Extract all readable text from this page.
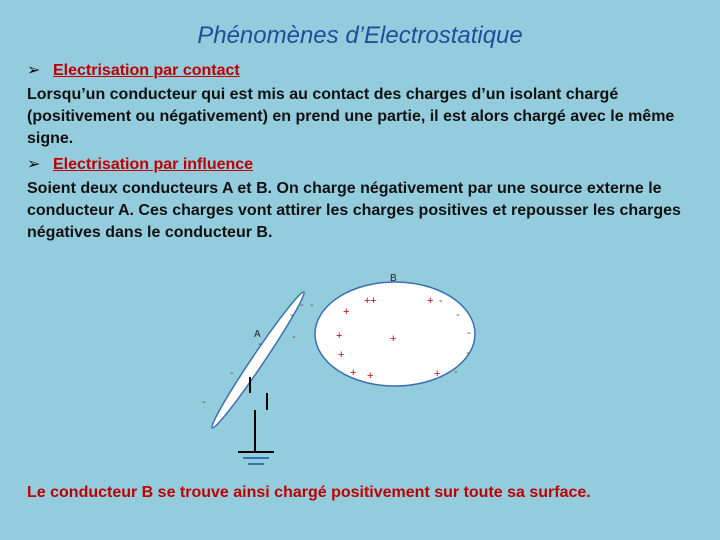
Phénomènes d’Electrostatique
➢ Electrisation par contact
Lorsqu’un conducteur qui est mis au contact des charges d’un isolant chargé (positivement ou négativement) en prend une partie, il est alors chargé avec le même signe.
➢ Electrisation par influence
Soient deux conducteurs A et B. On charge négativement par une source externe le conducteur A. Ces charges vont attirer les charges positives et repousser les charges négatives dans le conducteur B.
B
A
- -
-
-
-
-
-
+
++	+ -
-
+	+	-
+	-
+ +	+ -
Le conducteur B se trouve ainsi chargé positivement sur toute sa surface.
